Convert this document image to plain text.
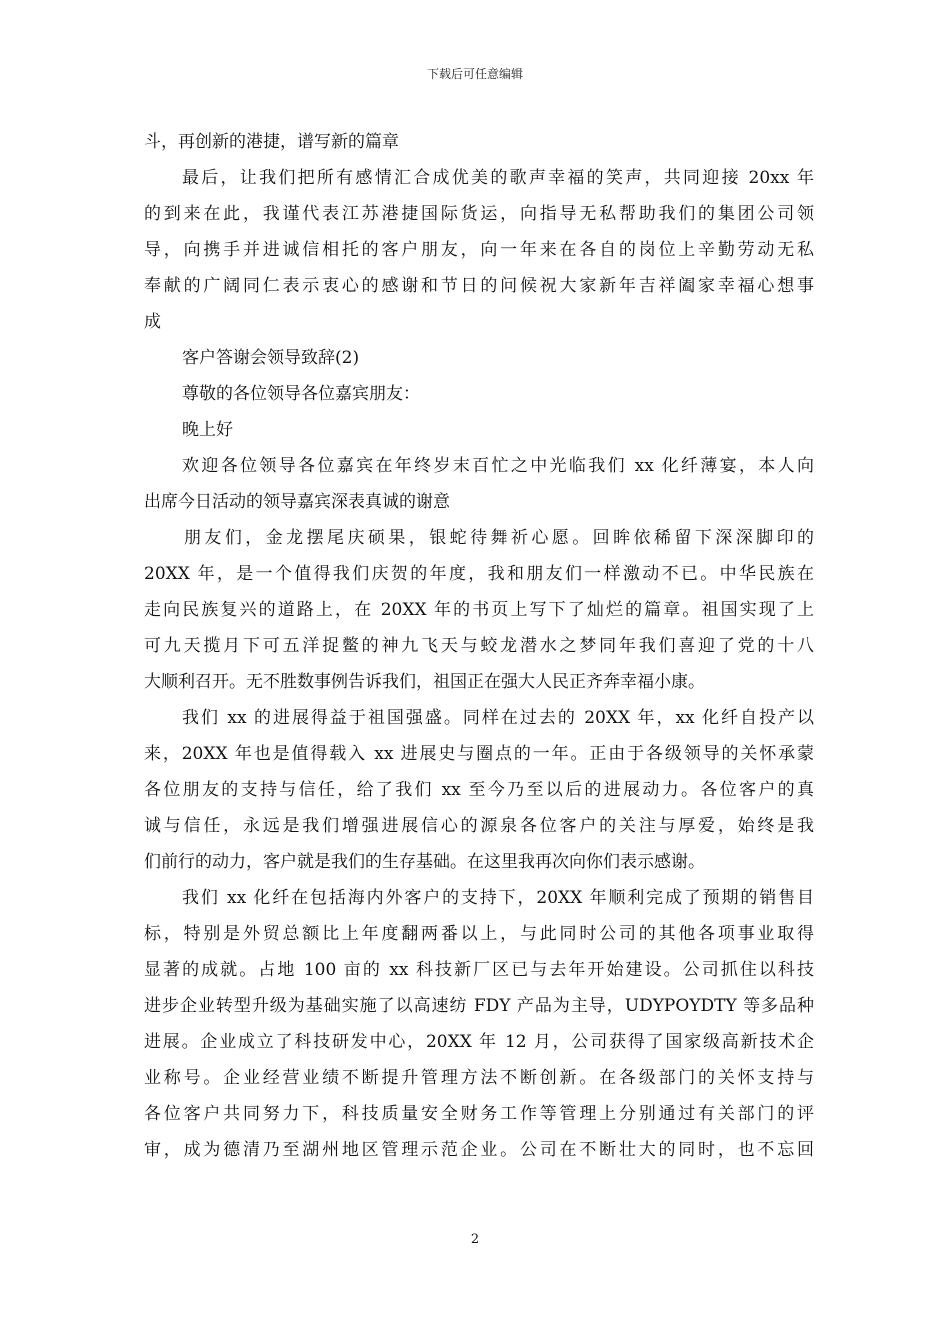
下载后可任意编辑
斗，再创新的港捷，谱写新的篇章
最后，让我们把所有感情汇合成优美的歌声幸福的笑声，共同迎接 20xx 年
的到来在此，我谨代表江苏港捷国际货运，向指导无私帮助我们的集团公司领
导，向携手并进诚信相托的客户朋友，向一年来在各自的岗位上辛勤劳动无私
奉献的广阔同仁表示衷心的感谢和节日的问候祝大家新年吉祥阖家幸福心想事
成
客户答谢会领导致辞(2)
尊敬的各位领导各位嘉宾朋友：
晚上好
欢迎各位领导各位嘉宾在年终岁末百忙之中光临我们 xx 化纤薄宴，本人向
出席今日活动的领导嘉宾深表真诚的谢意
朋友们，金龙摆尾庆硕果，银蛇待舞祈心愿。回眸依稀留下深深脚印的
20XX 年，是一个值得我们庆贺的年度，我和朋友们一样激动不已。中华民族在
走向民族复兴的道路上，在 20XX 年的书页上写下了灿烂的篇章。祖国实现了上
可九天揽月下可五洋捉鳖的神九飞天与蛟龙潜水之梦同年我们喜迎了党的十八
大顺利召开。无不胜数事例告诉我们，祖国正在强大人民正齐奔幸福小康。
我们 xx 的进展得益于祖国强盛。同样在过去的 20XX 年，xx 化纤自投产以
来，20XX 年也是值得载入 xx 进展史与圈点的一年。正由于各级领导的关怀承蒙
各位朋友的支持与信任，给了我们 xx 至今乃至以后的进展动力。各位客户的真
诚与信任，永远是我们增强进展信心的源泉各位客户的关注与厚爱，始终是我
们前行的动力，客户就是我们的生存基础。在这里我再次向你们表示感谢。
我们 xx 化纤在包括海内外客户的支持下，20XX 年顺利完成了预期的销售目
标，特别是外贸总额比上年度翻两番以上，与此同时公司的其他各项事业取得
显著的成就。占地 100 亩的 xx 科技新厂区已与去年开始建设。公司抓住以科技
进步企业转型升级为基础实施了以高速纺 FDY 产品为主导，UDYPOYDTY 等多品种
进展。企业成立了科技研发中心，20XX 年 12 月，公司获得了国家级高新技术企
业称号。企业经营业绩不断提升管理方法不断创新。在各级部门的关怀支持与
各位客户共同努力下，科技质量安全财务工作等管理上分别通过有关部门的评
审，成为德清乃至湖州地区管理示范企业。公司在不断壮大的同时，也不忘回
2
